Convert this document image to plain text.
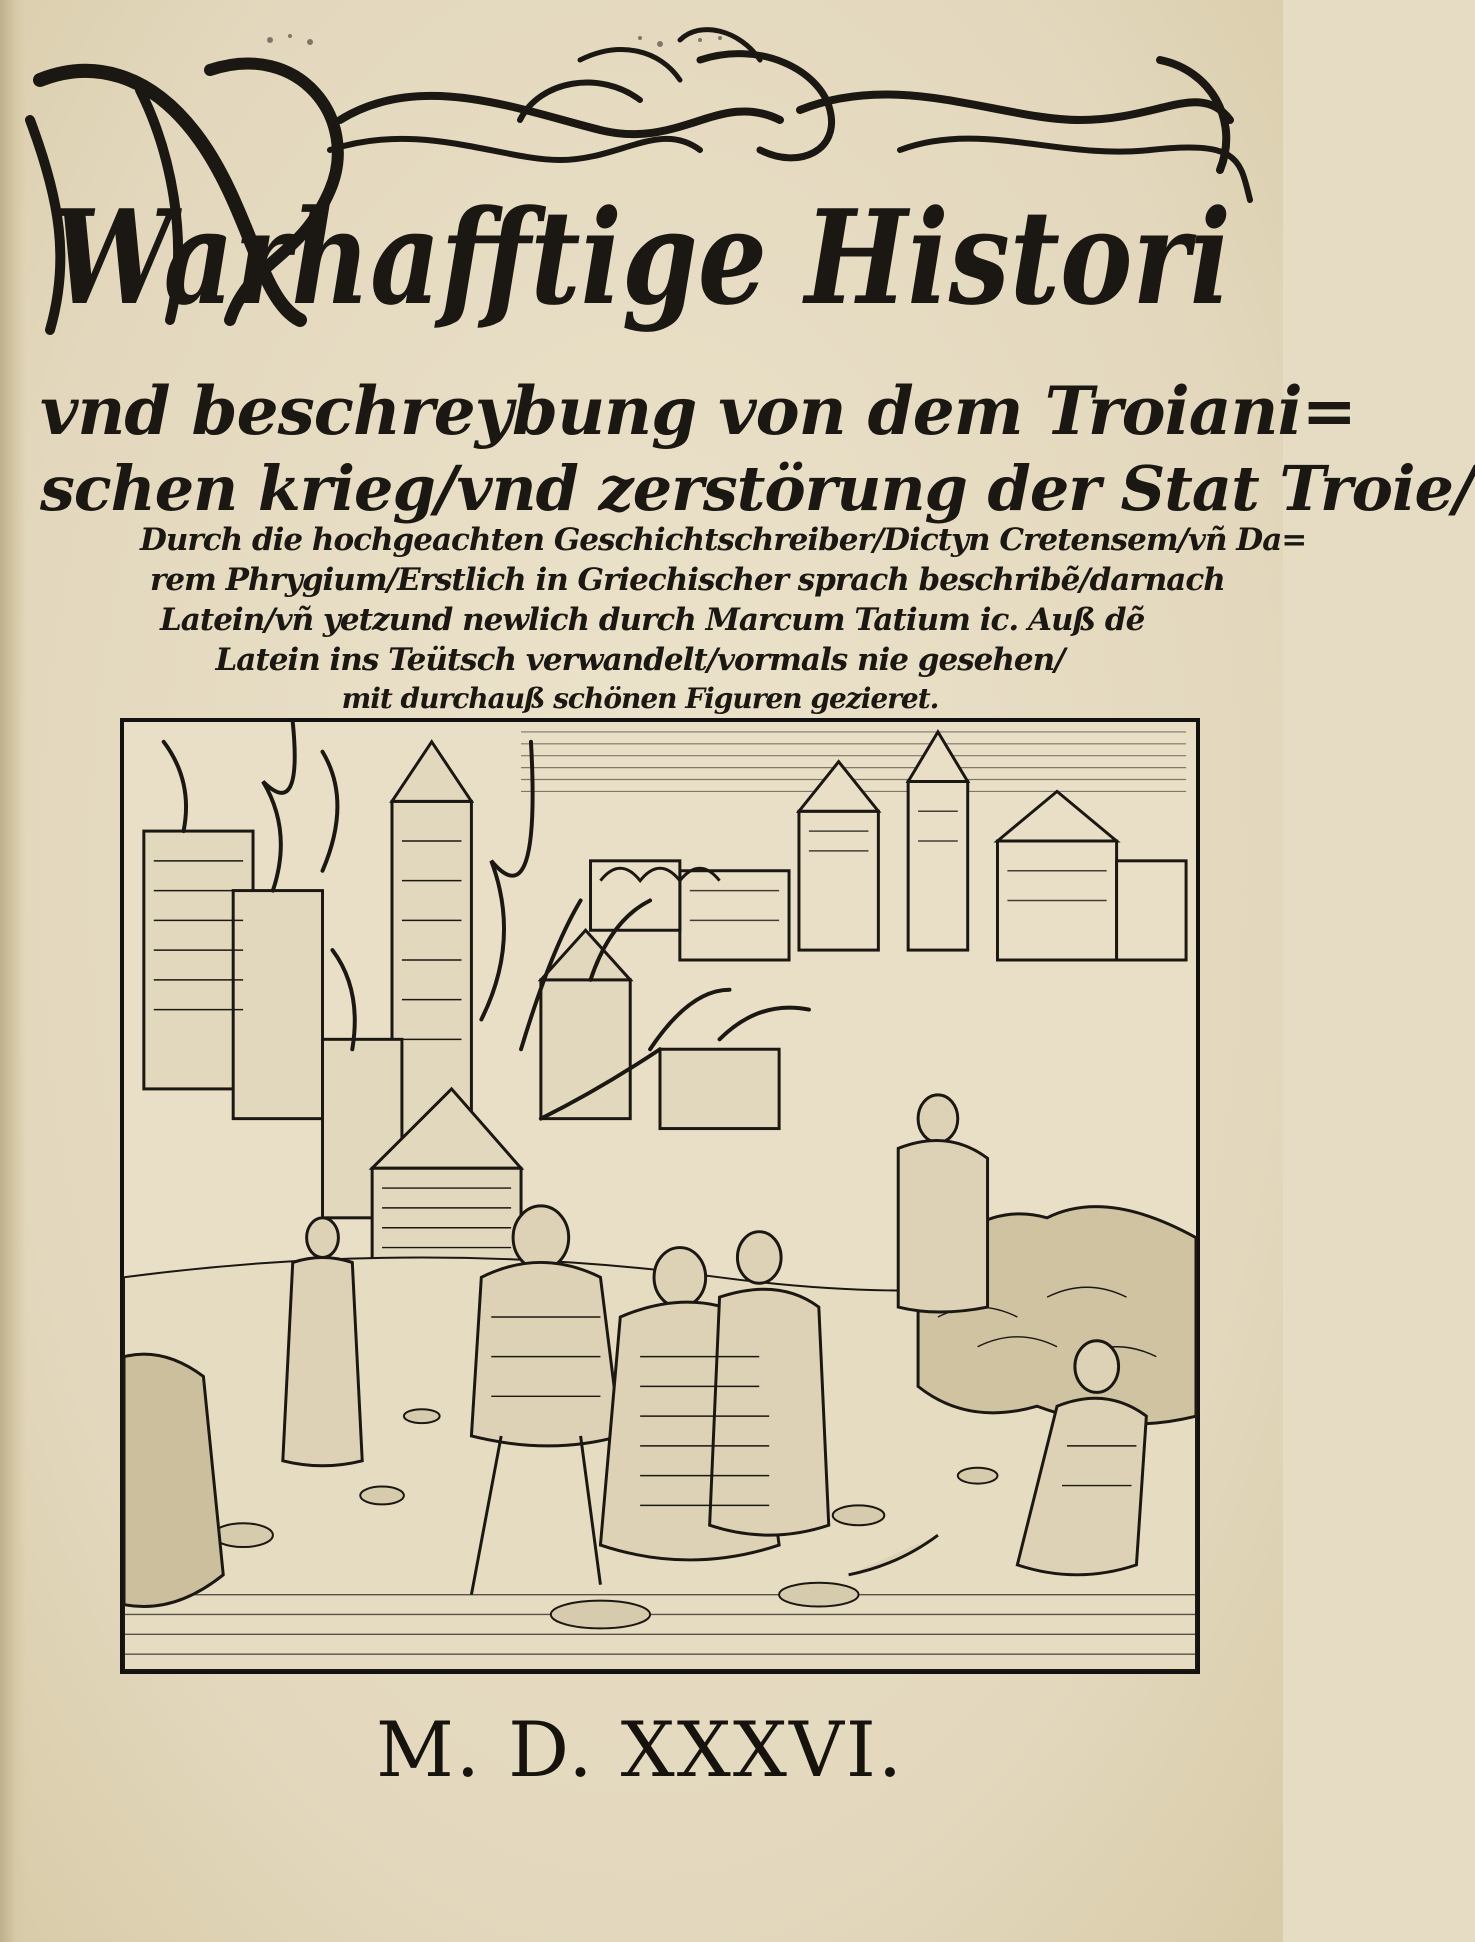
Warhafftige Histori
vnd beschreybung von dem Troiani=
schen krieg/vnd zerstörung der Stat Troie/
Durch die hochgeachten Geschichtschreiber/Dictyn Cretensem/vñ Da=
rem Phrygium/Erstlich in Griechischer sprach beschribẽ/darnach
Latein/vñ yetzund newlich durch Marcum Tatium ic. Auß dẽ
Latein ins Teütsch verwandelt/vormals nie gesehen/
mit durchauß schönen Figuren gezieret.
M. D. XXXVI.
